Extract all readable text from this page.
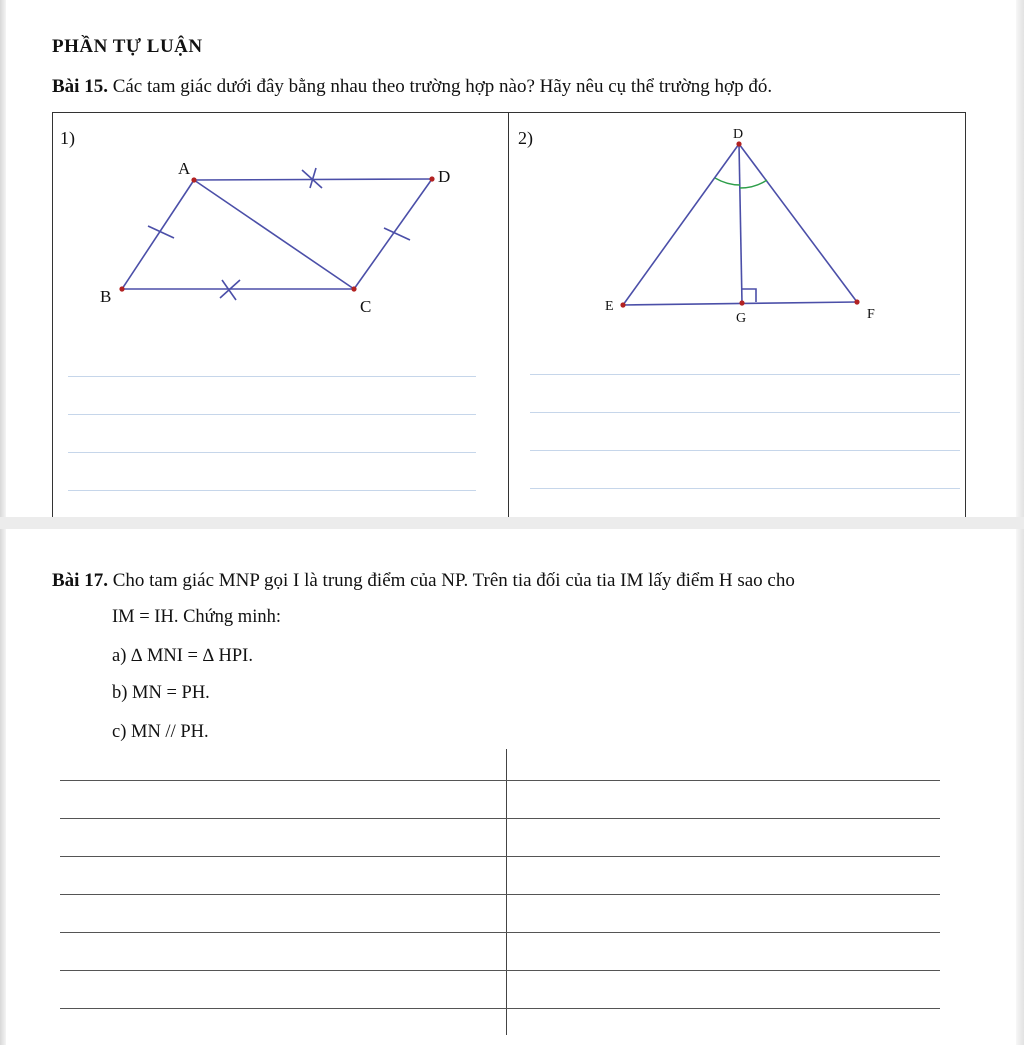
PHẦN TỰ LUẬN
Bài 15. Các tam giác dưới đây bằng nhau theo trường hợp nào? Hãy nêu cụ thể trường hợp đó.
1)	2)
A	D
B
C
D
E
G	F
Bài 17. Cho tam giác MNP gọi I là trung điểm của NP. Trên tia đối của tia IM lấy điểm H sao cho
IM = IH. Chứng minh:
a) ∆ MNI = ∆ HPI.
b) MN = PH.
c) MN // PH.
